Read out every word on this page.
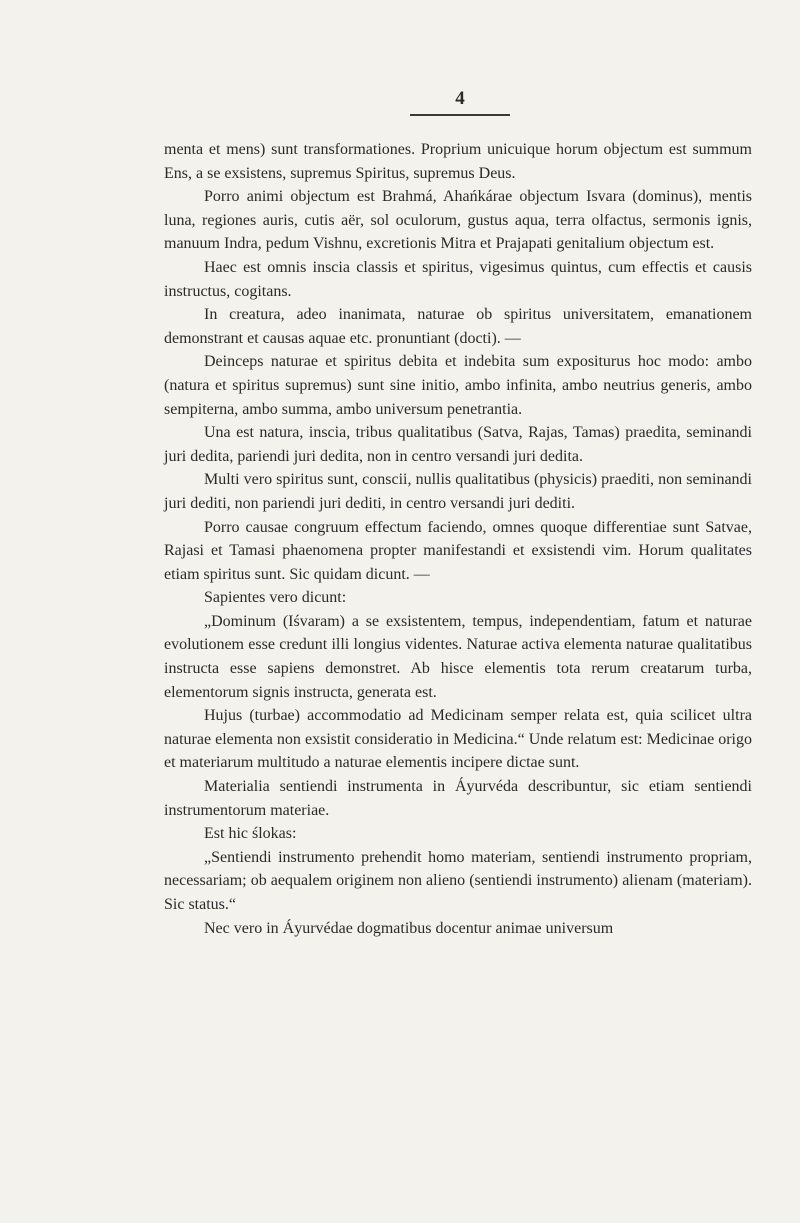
4

menta et mens) sunt transformationes. Proprium unicuique horum objectum est summum Ens, a se exsistens, supremus Spiritus, supremus Deus.

Porro animi objectum est Brahmá, Ahańkárae objectum Isvara (dominus), mentis luna, regiones auris, cutis aër, sol oculorum, gustus aqua, terra olfactus, sermonis ignis, manuum Indra, pedum Vishnu, excretionis Mitra et Prajapati genitalium objectum est.

Haec est omnis inscia classis et spiritus, vigesimus quintus, cum effectis et causis instructus, cogitans.

In creatura, adeo inanimata, naturae ob spiritus universitatem, emanationem demonstrant et causas aquae etc. pronuntiant (docti). —

Deinceps naturae et spiritus debita et indebita sum expositurus hoc modo: ambo (natura et spiritus supremus) sunt sine initio, ambo infinita, ambo neutrius generis, ambo sempiterna, ambo summa, ambo universum penetrantia.

Una est natura, inscia, tribus qualitatibus (Satva, Rajas, Tamas) praedita, seminandi juri dedita, pariendi juri dedita, non in centro versandi juri dedita.

Multi vero spiritus sunt, conscii, nullis qualitatibus (physicis) praediti, non seminandi juri dediti, non pariendi juri dediti, in centro versandi juri dediti.

Porro causae congruum effectum faciendo, omnes quoque differentiae sunt Satvae, Rajasi et Tamasi phaenomena propter manifestandi et exsistendi vim. Horum qualitates etiam spiritus sunt. Sic quidam dicunt. —

Sapientes vero dicunt:

„Dominum (Iśvaram) a se exsistentem, tempus, independentiam, fatum et naturae evolutionem esse credunt illi longius videntes. Naturae activa elementa naturae qualitatibus instructa esse sapiens demonstret. Ab hisce elementis tota rerum creatarum turba, elementorum signis instructa, generata est.

Hujus (turbae) accommodatio ad Medicinam semper relata est, quia scilicet ultra naturae elementa non exsistit consideratio in Medicina.“ Unde relatum est: Medicinae origo et materiarum multitudo a naturae elementis incipere dictae sunt.

Materialia sentiendi instrumenta in Áyurvéda describuntur, sic etiam sentiendi instrumentorum materiae.

Est hic ślokas:

„Sentiendi instrumento prehendit homo materiam, sentiendi instrumento propriam, necessariam; ob aequalem originem non alieno (sentiendi instrumento) alienam (materiam). Sic status.“

Nec vero in Áyurvédae dogmatibus docentur animae universum
